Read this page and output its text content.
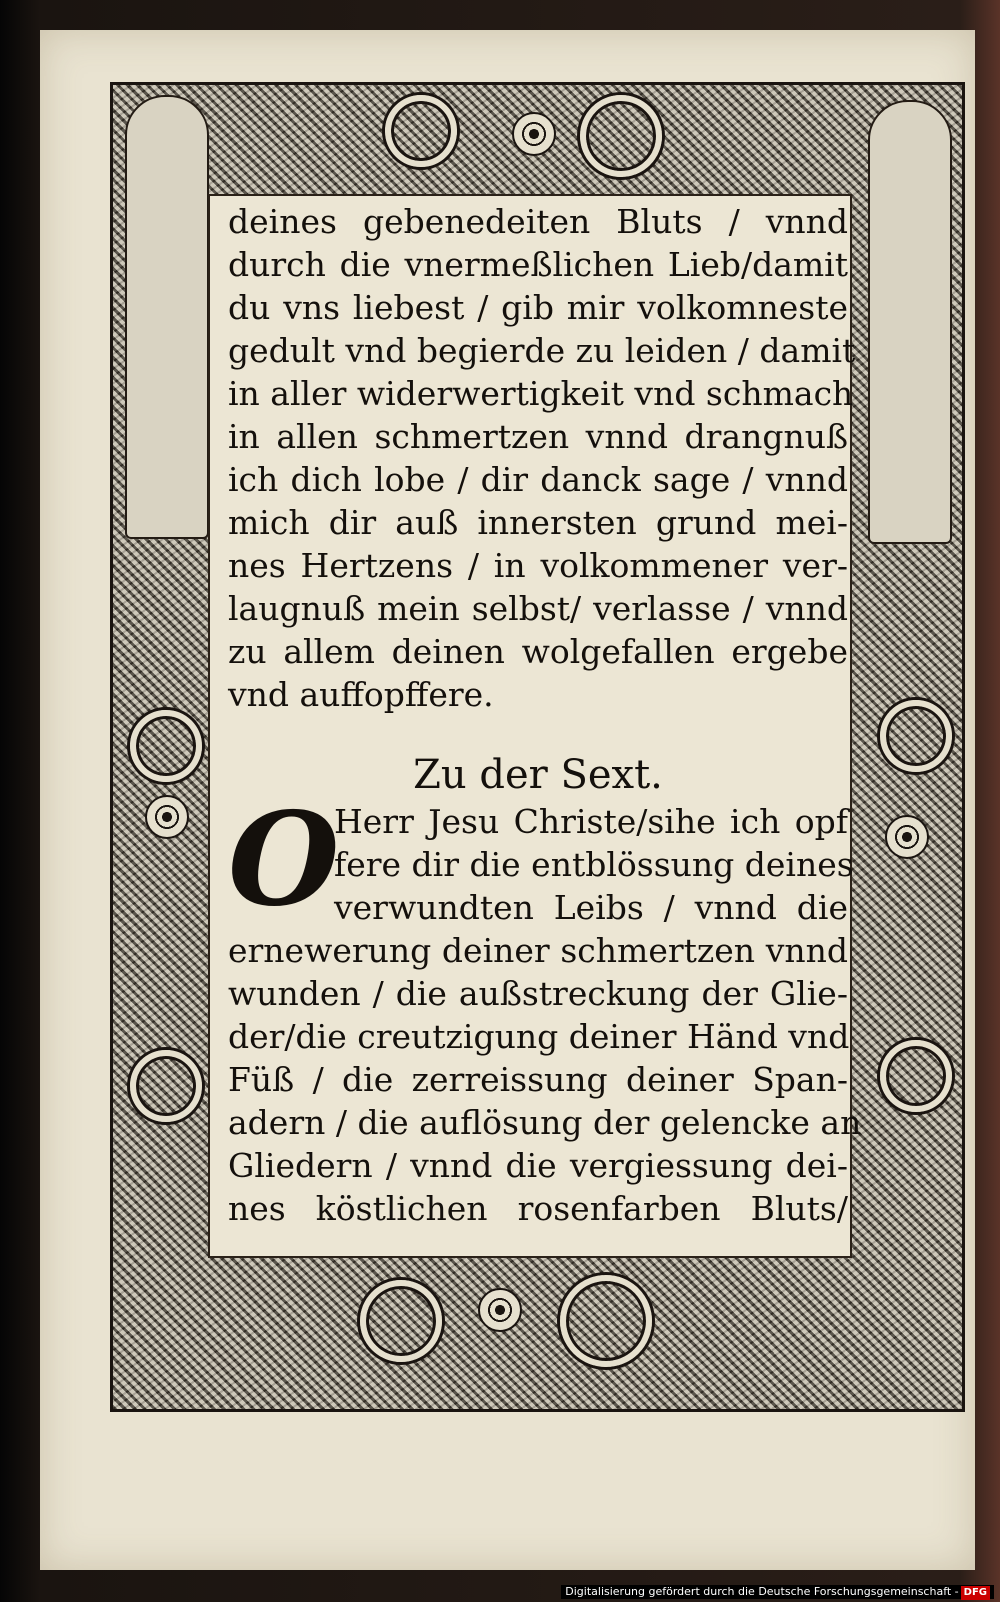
deines gebenedeiten Bluts / vnnd
durch die vnermeßlichen Lieb/damit
du vns liebest / gib mir volkomneste
gedult vnd begierde zu leiden / damit
in aller widerwertigkeit vnd schmach
in allen schmertzen vnnd drangnuß
ich dich lobe / dir danck sage / vnnd
mich dir auß innersten grund mei-
nes Hertzens / in volkommener ver-
laugnuß mein selbst/ verlasse / vnnd
zu allem deinen wolgefallen ergebe
vnd auffopffere.
Zu der Sext.
O
Herr Jesu Christe/sihe ich opf
fere dir die entblössung deines
verwundten Leibs / vnnd die
ernewerung deiner schmertzen vnnd
wunden / die außstreckung der Glie-
der/die creutzigung deiner Händ vnd
Füß / die zerreissung deiner Span-
adern / die auflösung der gelencke an
Gliedern / vnnd die vergiessung dei-
nes köstlichen rosenfarben Bluts/
Digitalisierung gefördert durch die Deutsche Forschungsgemeinschaft - DFG
